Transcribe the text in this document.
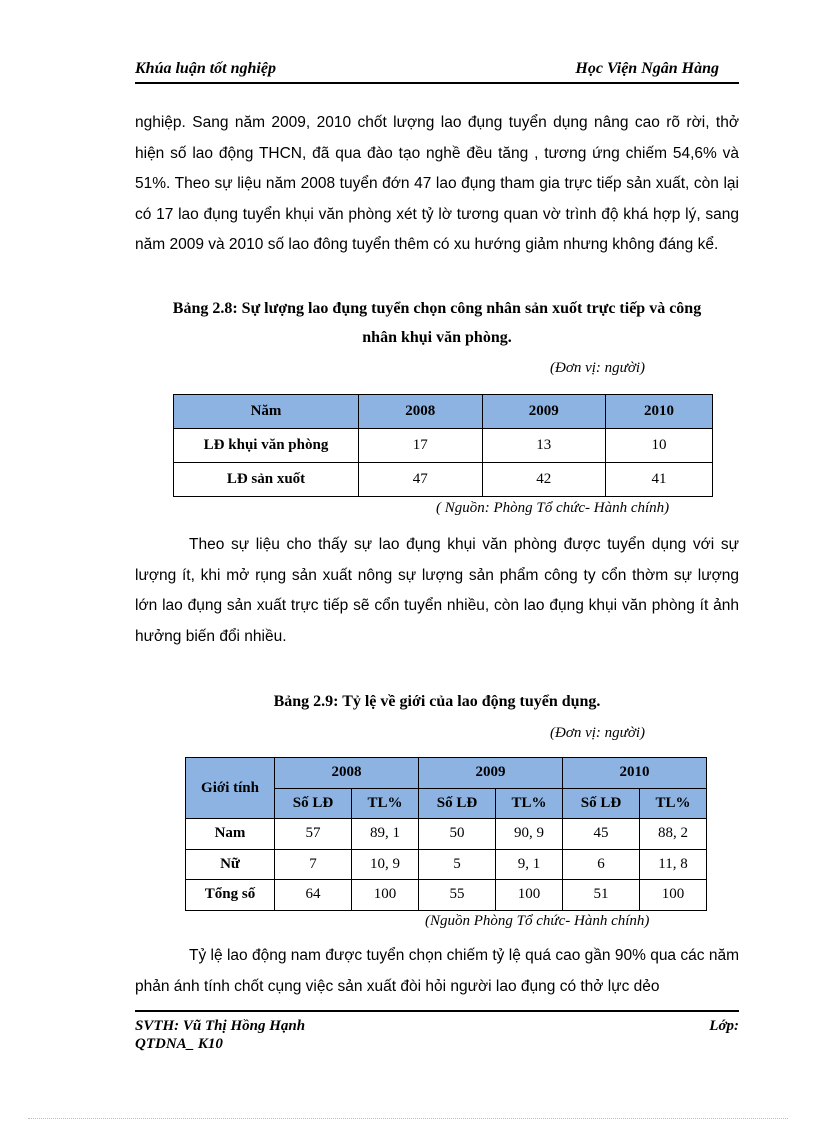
Khúa luận tốt nghiệp	Học Viện Ngân Hàng
nghiệp. Sang năm 2009, 2010 chốt lượng lao đụng tuyển dụng nâng cao rõ rời, thở hiện số lao động THCN, đã qua đào tạo nghề đều tăng , tương ứng chiếm 54,6% và 51%. Theo sự liệu năm 2008 tuyển đớn 47 lao đụng tham gia trực tiếp sản xuất, còn lại có 17 lao đụng tuyển khụi văn phòng xét tỷ lờ tương quan vờ trình độ khá hợp lý, sang năm 2009 và 2010 số lao đông tuyển thêm có xu hướng giảm nhưng không đáng kể.
Bảng 2.8: Sự lượng lao đụng tuyển chọn công nhân sản xuốt trực tiếp và công
nhân khụi văn phòng.
(Đơn vị: người)
Năm	2008	2009	2010
LĐ khụi văn phòng	17	13	10
LĐ sản xuốt	47	42	41
( Nguồn: Phòng Tổ chức- Hành chính)
Theo sự liệu cho thấy sự lao đụng khụi văn phòng được tuyển dụng với sự lượng ít, khi mở rụng sản xuất nông sự lượng sản phẩm công ty cổn thờm sự lượng lớn lao đụng sản xuất trực tiếp sẽ cổn tuyển nhiều, còn lao đụng khụi văn phòng ít ảnh hưởng biến đổi nhiều.
Bảng 2.9: Tỷ lệ về giới của lao động tuyển dụng.
(Đơn vị: người)
Giới tính	2008		2009		2010	
	Số LĐ	TL%	Số LĐ	TL%	Số LĐ	TL%
Nam	57	89, 1	50	90, 9	45	88, 2
Nữ	7	10, 9	5	9, 1	6	11, 8
Tổng số	64	100	55	100	51	100
(Nguồn Phòng Tổ chức- Hành chính)
Tỷ lệ lao động nam được tuyển chọn chiếm tỷ lệ quá cao gần 90% qua các năm phản ánh tính chốt cụng việc sản xuất đòi hỏi người lao đụng có thở lực dẻo
SVTH: Vũ Thị Hồng Hạnh	Lớp:
QTDNA_ K10
